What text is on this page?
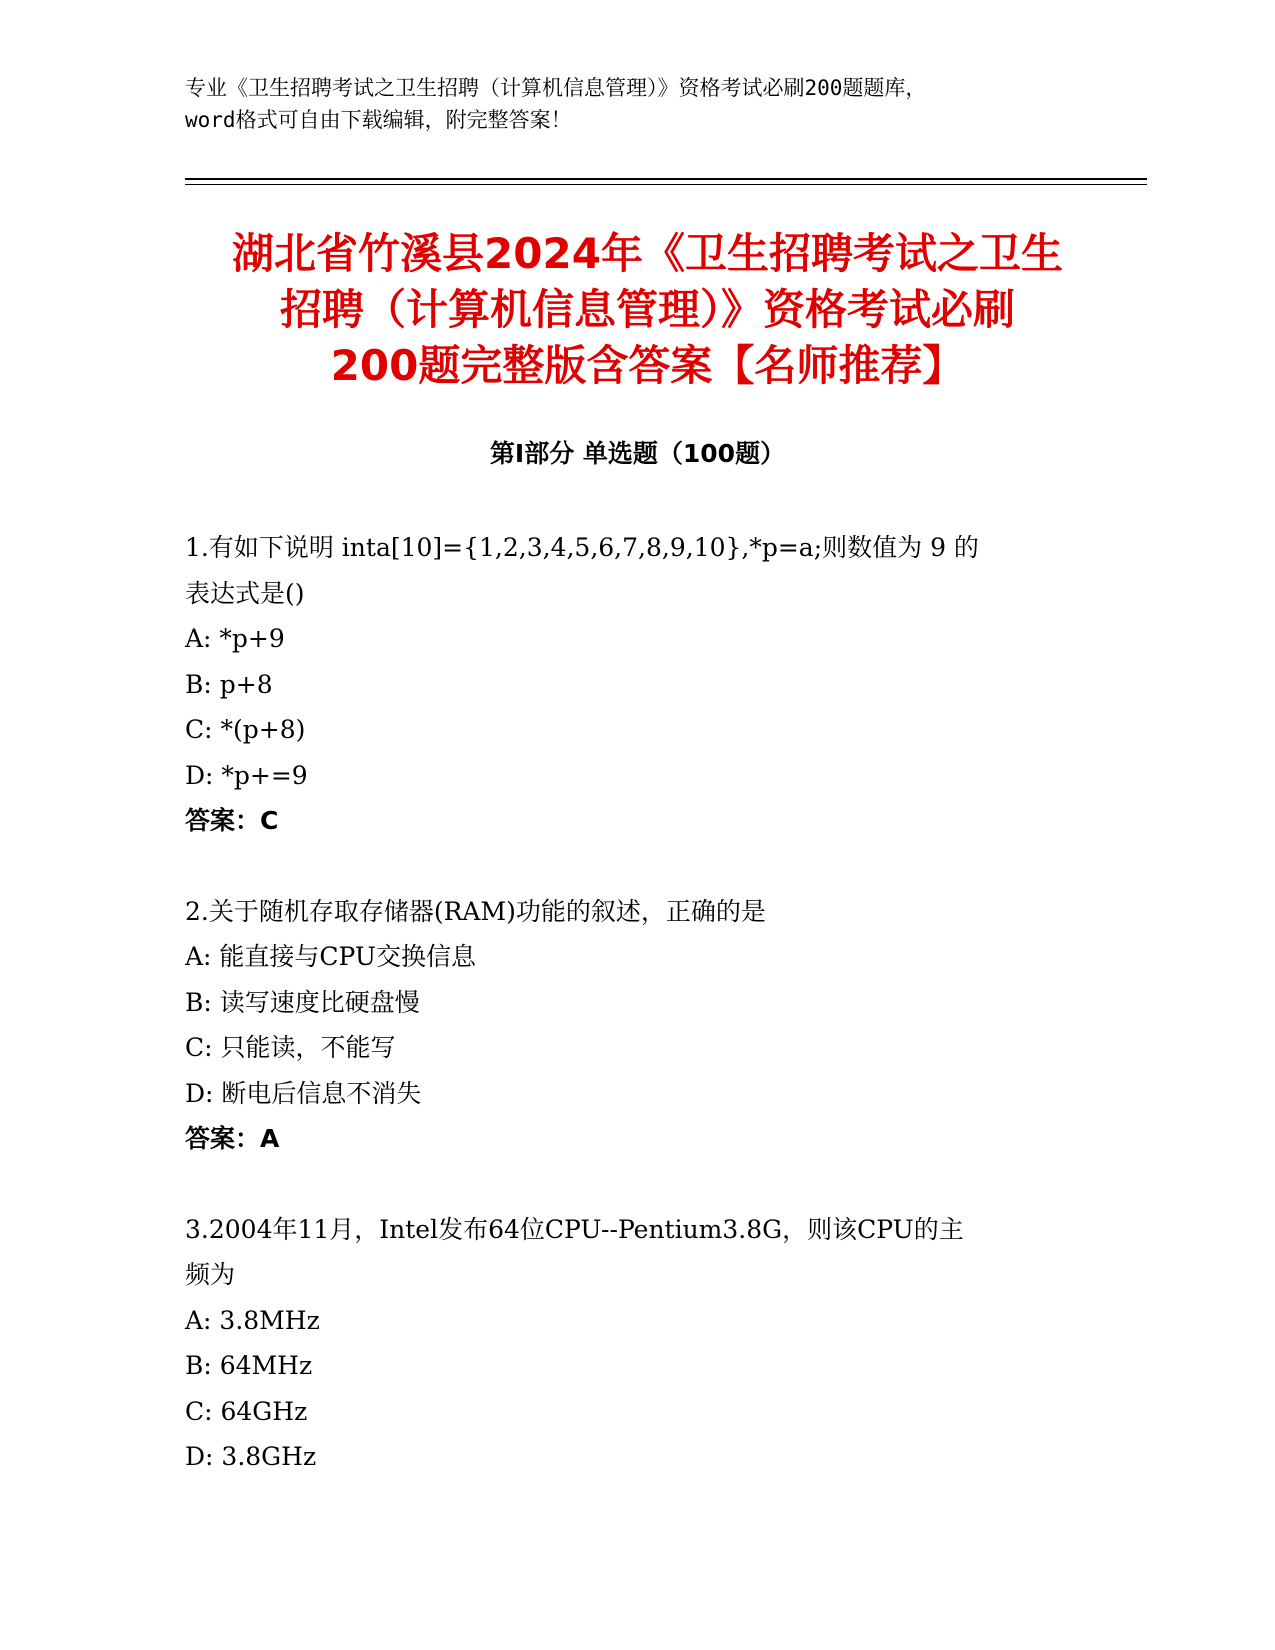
专业《卫生招聘考试之卫生招聘（计算机信息管理）》资格考试必刷200题题库，
word格式可自由下载编辑，附完整答案！
湖北省竹溪县2024年《卫生招聘考试之卫生
招聘（计算机信息管理）》资格考试必刷
200题完整版含答案【名师推荐】
第Ⅰ部分 单选题（100题）
1.有如下说明 inta[10]={1,2,3,4,5,6,7,8,9,10},*p=a;则数值为 9 的
表达式是()
A: *p+9
B: p+8
C: *(p+8)
D: *p+=9
答案：C
2.关于随机存取存储器(RAM)功能的叙述，正确的是
A: 能直接与CPU交换信息
B: 读写速度比硬盘慢
C: 只能读，不能写
D: 断电后信息不消失
答案：A
3.2004年11月，Intel发布64位CPU--Pentium3.8G，则该CPU的主
频为
A: 3.8MHz
B: 64MHz
C: 64GHz
D: 3.8GHz
